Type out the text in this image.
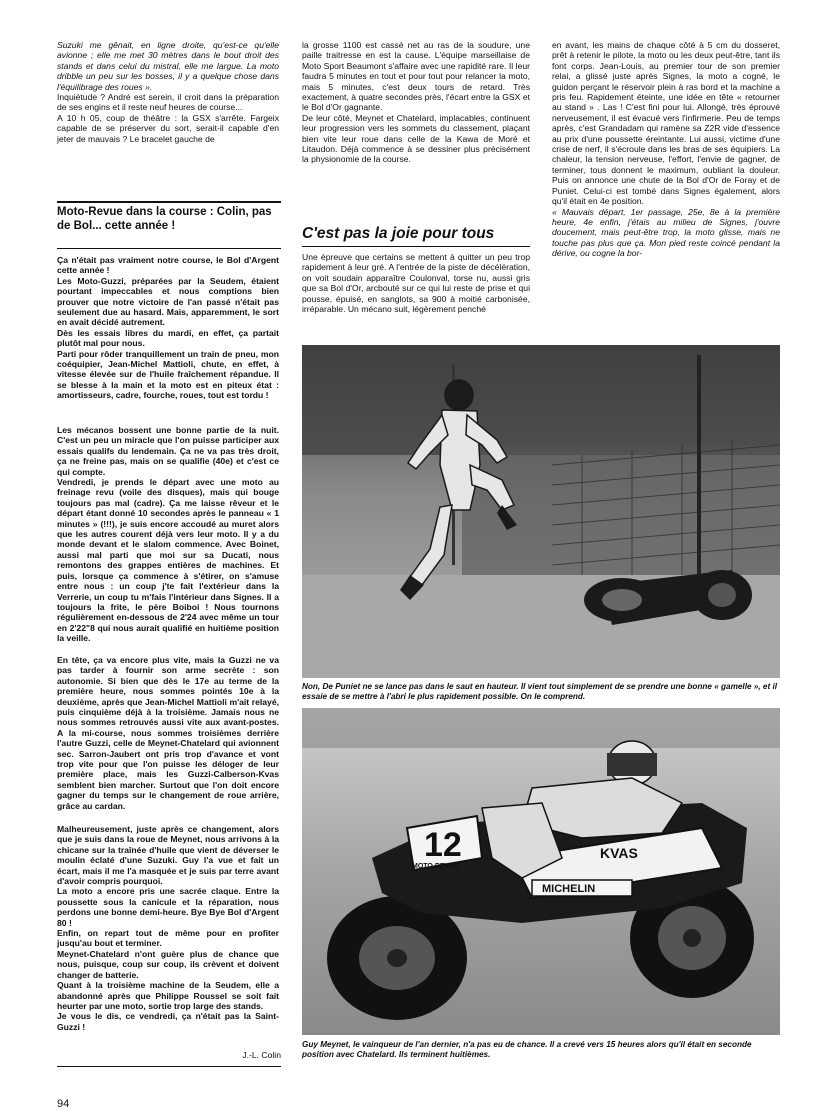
Suzuki me gênait, en ligne droite, qu'est-ce qu'elle avionne ; elle me met 30 mètres dans le bout droit des stands et dans celui du mistral, elle me largue. La moto dribble un peu sur les bosses, il y a quelque chose dans l'équilibrage des roues ».

Inquiétude ? André est serein, il croit dans la préparation de ses engins et il reste neuf heures de course...

A 10 h 05, coup de théâtre : la GSX s'arrête. Fargeix capable de se préserver du sort, serait-il capable d'en jeter de mauvais ? Le bracelet gauche de

Moto-Revue dans la course : Colin, pas de Bol... cette année !

Ça n'était pas vraiment notre course, le Bol d'Argent cette année !

Les Moto-Guzzi, préparées par la Seudem, étaient pourtant impeccables et nous comptions bien prouver que notre victoire de l'an passé n'était pas seulement due au hasard. Mais, apparemment, le sort en avait décidé autrement.

Dès les essais libres du mardi, en effet, ça partait plutôt mal pour nous.

Parti pour rôder tranquillement un train de pneu, mon coéquipier, Jean-Michel Mattioli, chute, en effet, à vitesse élevée sur de l'huile fraîchement répandue. Il se blesse à la main et la moto est en piteux état : amortisseurs, cadre, fourche, roues, tout est tordu !

Les mécanos bossent une bonne partie de la nuit. C'est un peu un miracle que l'on puisse participer aux essais qualifs du lendemain. Ça ne va pas très droit, ça ne freine pas, mais on se qualifie (40e) et c'est ce qui compte.

Vendredi, je prends le départ avec une moto au freinage revu (voile des disques), mais qui bouge toujours pas mal (cadre). Ça me laisse rêveur et le départ étant donné 10 secondes après le panneau « 1 minutes » (!!!), je suis encore accoudé au muret alors que les autres courent déjà vers leur moto. Il y a du monde devant et le slalom commence. Avec Boinet, aussi mal parti que moi sur sa Ducati, nous remontons des grappes entières de machines. Et puis, lorsque ça commence à s'étirer, on s'amuse entre nous : un coup j'te fait l'extérieur dans la Verrerie, un coup tu m'fais l'intérieur dans Signes. Il a toujours la frite, le père Boiboi ! Nous tournons régulièrement en-dessous de 2'24 avec même un tour en 2'22"8 qui nous aurait qualifié en huitième position la veille.

En tête, ça va encore plus vite, mais la Guzzi ne va pas tarder à fournir son arme secrète : son autonomie. Si bien que dès le 17e au terme de la première heure, nous sommes pointés 10e à la deuxième, après que Jean-Michel Mattioli m'ait relayé, puis cinquième déjà à la troisième. Jamais nous ne nous sommes retrouvés aussi vite aux avant-postes. A la mi-course, nous sommes troisièmes derrière l'autre Guzzi, celle de Meynet-Chatelard qui avionnent sec. Sarron-Jaubert ont pris trop d'avance et vont trop vite pour que l'on puisse les déloger de leur première place, mais les Guzzi-Calberson-Kvas semblent bien marcher. Surtout que l'on doit encore gagner du temps sur le changement de roue arrière, grâce au cardan.

Malheureusement, juste après ce changement, alors que je suis dans la roue de Meynet, nous arrivons à la chicane sur la traînée d'huile que vient de déverser le moulin éclaté d'une Suzuki. Guy l'a vue et fait un écart, mais il me l'a masquée et je suis par terre avant d'avoir compris pourquoi.

La moto a encore pris une sacrée claque. Entre la poussette sous la canicule et la réparation, nous perdons une bonne demi-heure. Bye Bye Bol d'Argent 80 !

Enfin, on repart tout de même pour en profiter jusqu'au bout et terminer.

Meynet-Chatelard n'ont guère plus de chance que nous, puisque, coup sur coup, ils crèvent et doivent changer de batterie.

Quant à la troisième machine de la Seudem, elle a abandonné après que Philippe Roussel se soit fait heurter par une moto, sortie trop large des stands.

Je vous le dis, ce vendredi, ça n'était pas la Saint-Guzzi !

J.-L. Colin

la grosse 1100 est cassé net au ras de la soudure, une paille traitresse en est la cause. L'équipe marseillaise de Moto Sport Beaumont s'affaire avec une rapidité rare. Il leur faudra 5 minutes en tout et pour tout pour relancer la moto, mais 5 minutes, c'est deux tours de retard. Très exactement, à quatre secondes près, l'écart entre la GSX et le Bol d'Or gagnante.

De leur côté, Meynet et Chatelard, implacables, continuent leur progression vers les sommets du classement, plaçant bien vite leur roue dans celle de la Kawa de Moré et Litaudon. Déjà commence à se dessiner plus précisément la physionomie de la course.

C'est pas la joie pour tous

Une épreuve que certains se mettent à quitter un peu trop rapidement à leur gré. A l'entrée de la piste de décélération, on voit soudain apparaître Coulonval, torse nu, aussi gris que sa Bol d'Or, arcbouté sur ce qui lui reste de prise et qui pousse, épuisé, en sanglots, sa 900 à moitié carbonisée, irréparable. Un mécano suit, légèrement penché

en avant, les mains de chaque côté à 5 cm du dosseret, prêt à retenir le pilote, la moto ou les deux peut-être, tant ils font corps. Jean-Louis, au premier tour de son premier relai, a glissé juste après Signes, la moto a cogné, le guidon perçant le réservoir plein à ras bord et la machine a pris feu. Rapidement éteinte, une idée en tête « retourner au stand » . Las ! C'est fini pour lui. Allongé, très éprouvé nerveusement, il est évacué vers l'infirmerie. Peu de temps après, c'est Grandadam qui ramène sa Z2R vide d'essence au prix d'une poussette éreintante. Lui aussi, victime d'une crise de nerf, il s'écroule dans les bras de ses équipiers. La chaleur, la tension nerveuse, l'effort, l'envie de gagner, de terminer, tous donnent le maximum, oubliant la douleur. Puis on annonce une chute de la Bol d'Or de Foray et de Puniet. Celui-ci est tombé dans Signes également, alors qu'il était en 4e position.

« Mauvais départ, 1er passage, 25e, 8e à la première heure, 4e enfin, j'étais au milieu de Signes, j'ouvre doucement, mais peut-être trop, la moto glisse, mais ne touche pas plus que ça. Mon pied reste coincé pendant la dérive, ou cogne la bor-

Non, De Puniet ne se lance pas dans le saut en hauteur. Il vient tout simplement de se prendre une bonne « gamelle », et il essaie de se mettre à l'abri le plus rapidement possible. On le comprend.
12
MOTO REVUE
KVAS
MICHELIN
Guy Meynet, le vainqueur de l'an dernier, n'a pas eu de chance. Il a crevé vers 15 heures alors qu'il était en seconde position avec Chatelard. Ils terminent huitièmes.
94
